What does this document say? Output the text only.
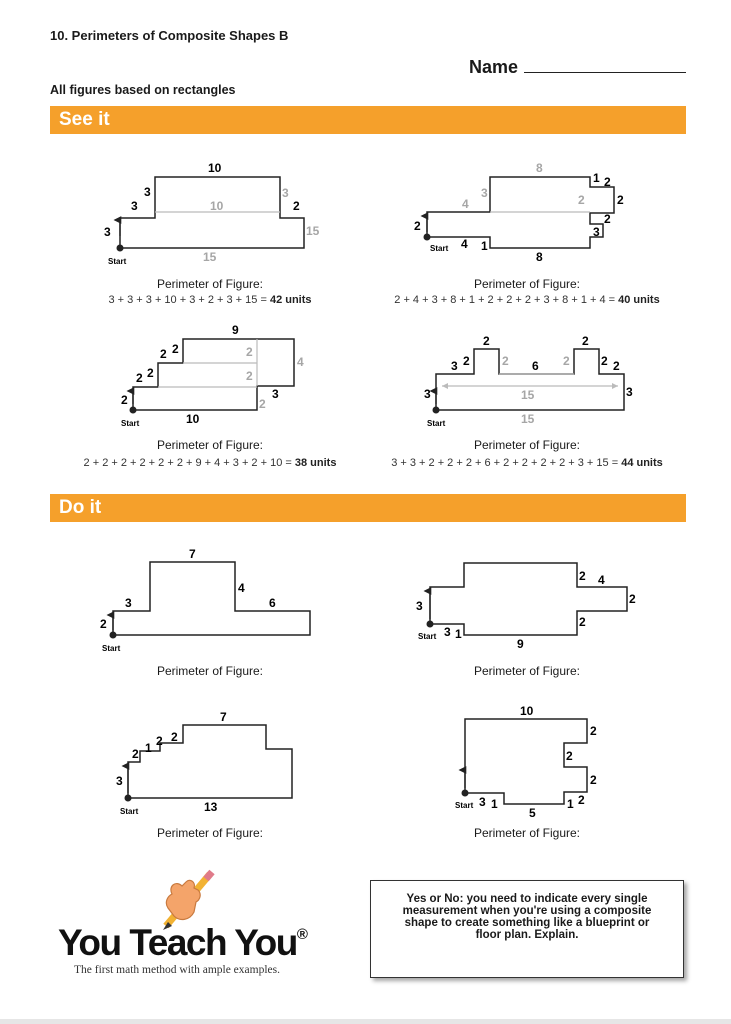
10. Perimeters of Composite Shapes B
Name
All figures based on rectangles
See it
Do it
10
3
3
3
2
10
3
15
15
Start
8
1 2
2
2
2
3
4
3
2
4 1
8
Start
9
2 2
2 2
2
2
4
2
2	3
10
Start
2	2
3 2	2 6 2	2 2
15	3
3
15
Start
7
4
3	6
2
Start
2 4
3	2
2
3 1
9
Start
7
2 1 2 2
3
13
Start
10
2
2
2
3 1
5
1 2
Start
Perimeter of Figure:
3 + 3 + 3 + 10 + 3 + 2 + 3 + 15 = 42 units
Perimeter of Figure:
2 + 4 + 3 + 8 + 1 + 2 + 2 + 2 + 3 + 8 + 1 + 4 = 40 units
Perimeter of Figure:
2 + 2 + 2 + 2 + 2 + 2 + 9 + 4 + 3 + 2 + 10 = 38 units
Perimeter of Figure:
3 + 3 + 2 + 2 + 2 + 6 + 2 + 2 + 2 + 2 + 3 + 15 = 44 units
Perimeter of Figure:	Perimeter of Figure:
Perimeter of Figure:	Perimeter of Figure:
You Teach You®
The first math method with ample examples.
Yes or No: you need to indicate every single measurement when you're using a composite shape to create something like a blueprint or floor plan. Explain.
